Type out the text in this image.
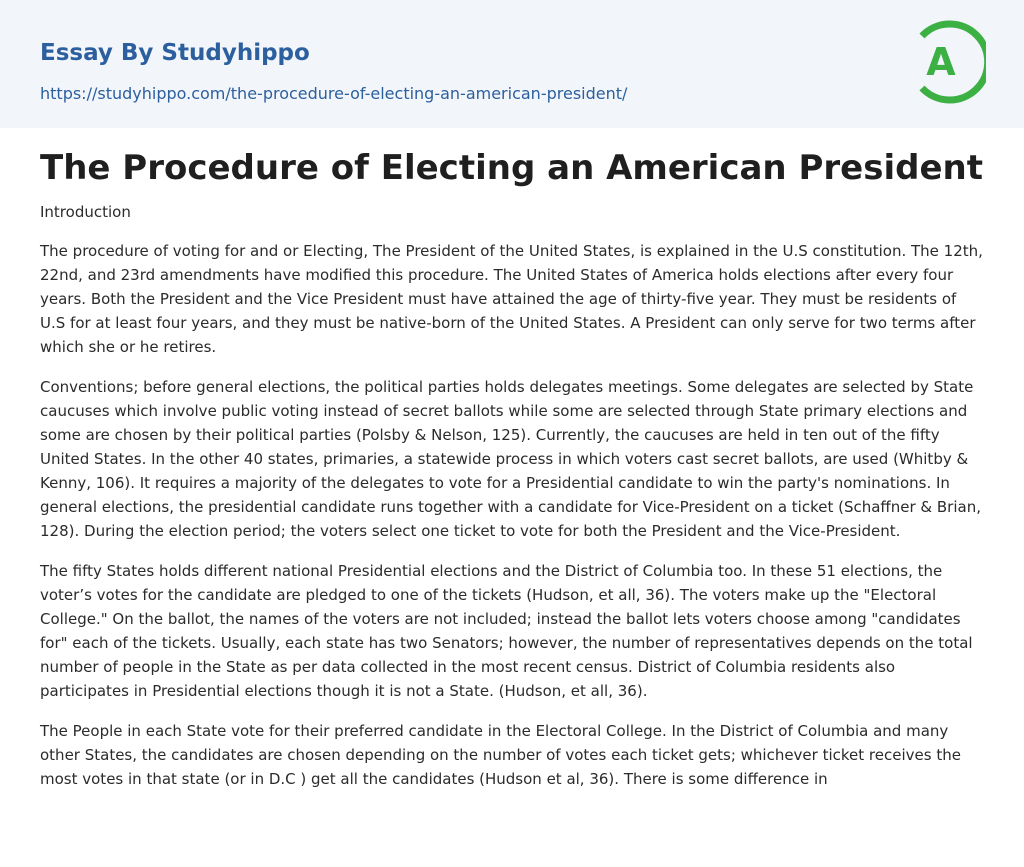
Essay By Studyhippo
https://studyhippo.com/the-procedure-of-electing-an-american-president/
A
The Procedure of Electing an American President
Introduction

The procedure of voting for and or Electing, The President of the United States, is explained in the U.S constitution. The 12th, 22nd, and 23rd amendments have modified this procedure. The United States of America holds elections after every four years. Both the President and the Vice President must have attained the age of thirty-five year. They must be residents of U.S for at least four years, and they must be native-born of the United States. A President can only serve for two terms after which she or he retires.

Conventions; before general elections, the political parties holds delegates meetings. Some delegates are selected by State caucuses which involve public voting instead of secret ballots while some are selected through State primary elections and some are chosen by their political parties (Polsby & Nelson, 125). Currently, the caucuses are held in ten out of the fifty United States. In the other 40 states, primaries, a statewide process in which voters cast secret ballots, are used (Whitby & Kenny, 106). It requires a majority of the delegates to vote for a Presidential candidate to win the party's nominations. In general elections, the presidential candidate runs together with a candidate for Vice-President on a ticket (Schaffner & Brian, 128). During the election period; the voters select one ticket to vote for both the President and the Vice-President.

The fifty States holds different national Presidential elections and the District of Columbia too. In these 51 elections, the voter’s votes for the candidate are pledged to one of the tickets (Hudson, et all, 36). The voters make up the "Electoral College." On the ballot, the names of the voters are not included; instead the ballot lets voters choose among "candidates for" each of the tickets. Usually, each state has two Senators; however, the number of representatives depends on the total number of people in the State as per data collected in the most recent census. District of Columbia residents also participates in Presidential elections though it is not a State. (Hudson, et all, 36).

The People in each State vote for their preferred candidate in the Electoral College. In the District of Columbia and many other States, the candidates are chosen depending on the number of votes each ticket gets; whichever ticket receives the most votes in that state (or in D.C ) get all the candidates (Hudson et al, 36). There is some difference in
